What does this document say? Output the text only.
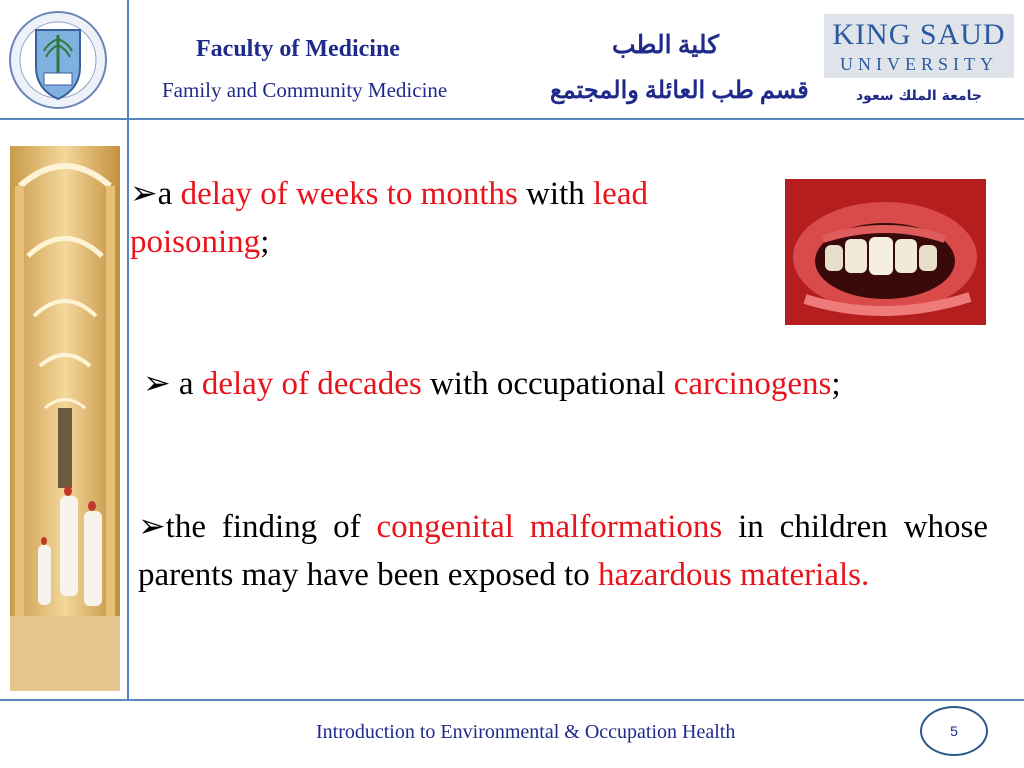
Faculty of Medicine
Family and Community Medicine
كلية الطب
قسم طب العائلة والمجتمع
KING SAUD
UNIVERSITY
جامعة الملك سعود
➢a delay of weeks to months with lead poisoning;
➢ a delay of decades with occupational carcinogens;
➢the finding of congenital malformations in children whose parents may have been exposed to hazardous materials.
Introduction to Environmental & Occupation Health	5
